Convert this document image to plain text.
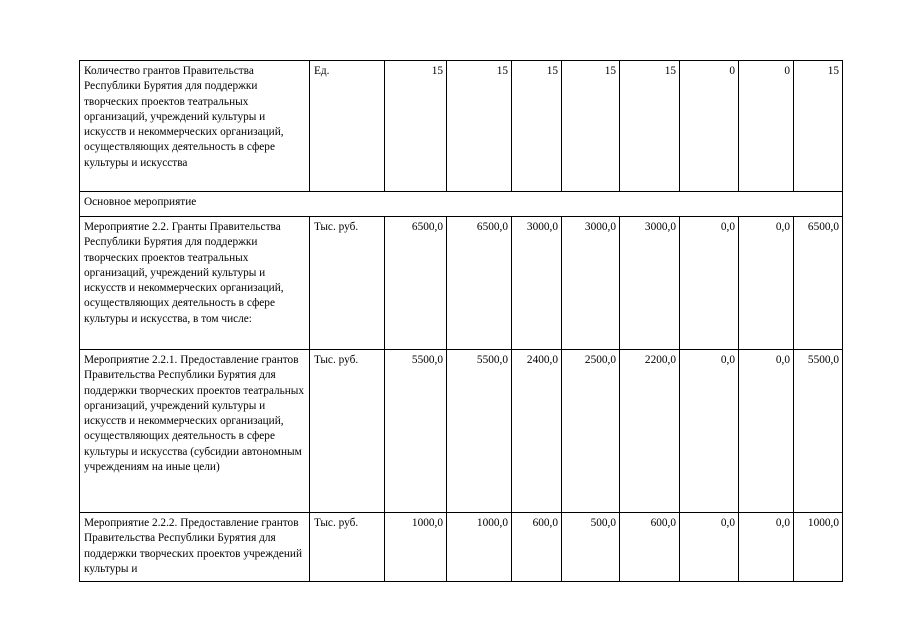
Количество грантов Правительства Республики Бурятия для поддержки творческих проектов театральных организаций, учреждений культуры и искусств и некоммерческих организаций, осуществляющих деятельность в сфере культуры и искусства	Ед.	15	15	15	15	15	0	0	15
Основное мероприятие									
Мероприятие 2.2. Гранты Правительства Республики Бурятия для поддержки творческих проектов театральных организаций, учреждений культуры и искусств и некоммерческих организаций, осуществляющих деятельность в сфере культуры и искусства, в том числе:	Тыс. руб.	6500,0	6500,0	3000,0	3000,0	3000,0	0,0	0,0	6500,0
Мероприятие 2.2.1. Предоставление грантов Правительства Республики Бурятия для поддержки творческих проектов театральных организаций, учреждений культуры и искусств и некоммерческих организаций, осуществляющих деятельность в сфере культуры и искусства (субсидии автономным учреждениям на иные цели)	Тыс. руб.	5500,0	5500,0	2400,0	2500,0	2200,0	0,0	0,0	5500,0
Мероприятие 2.2.2. Предоставление грантов Правительства Республики Бурятия для поддержки творческих проектов учреждений культуры и	Тыс. руб.	1000,0	1000,0	600,0	500,0	600,0	0,0	0,0	1000,0
